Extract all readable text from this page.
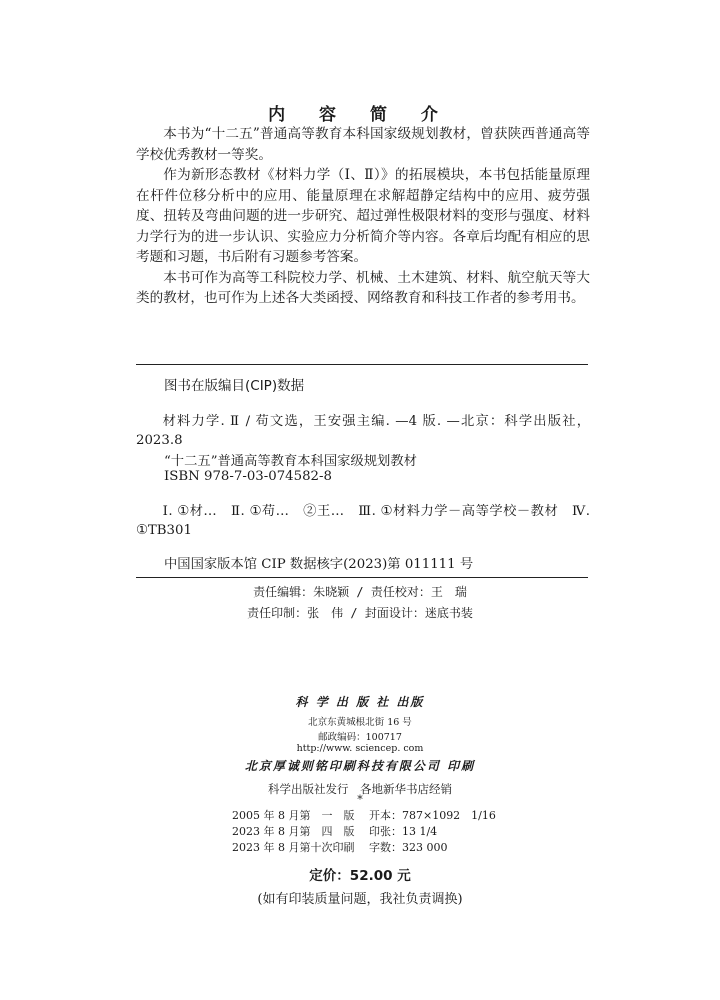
内 容 简 介

本书为“十二五”普通高等教育本科国家级规划教材，曾获陕西普通高等学校优秀教材一等奖。

作为新形态教材《材料力学（Ⅰ、Ⅱ）》的拓展模块，本书包括能量原理在杆件位移分析中的应用、能量原理在求解超静定结构中的应用、疲劳强度、扭转及弯曲问题的进一步研究、超过弹性极限材料的变形与强度、材料力学行为的进一步认识、实验应力分析简介等内容。各章后均配有相应的思考题和习题，书后附有习题参考答案。

本书可作为高等工科院校力学、机械、土木建筑、材料、航空航天等大类的教材，也可作为上述各大类函授、网络教育和科技工作者的参考用书。

图书在版编目(CIP)数据

材料力学. Ⅱ / 苟文选，王安强主编. —4 版. —北京：科学出版社，2023.8

“十二五”普通高等教育本科国家级规划教材
ISBN 978-7-03-074582-8

Ⅰ. ①材…　Ⅱ. ①苟…　②王…　Ⅲ. ①材料力学－高等学校－教材　Ⅳ. ①TB301

中国国家版本馆 CIP 数据核字(2023)第 011111 号
责任编辑：朱晓颖 / 责任校对：王　瑞
责任印制：张　伟 / 封面设计：迷底书装
科 学 出 版 社 出版
北京东黄城根北街 16 号
邮政编码：100717
http://www. sciencep. com
北京厚诚则铭印刷科技有限公司 印刷
科学出版社发行　各地新华书店经销
*
2005 年 8 月第　一　版　 开本：787×1092　1/16
2023 年 8 月第　四　版　 印张：13 1/4
2023 年 8 月第十次印刷　 字数：323 000
定价：52.00 元
(如有印装质量问题，我社负责调换)
